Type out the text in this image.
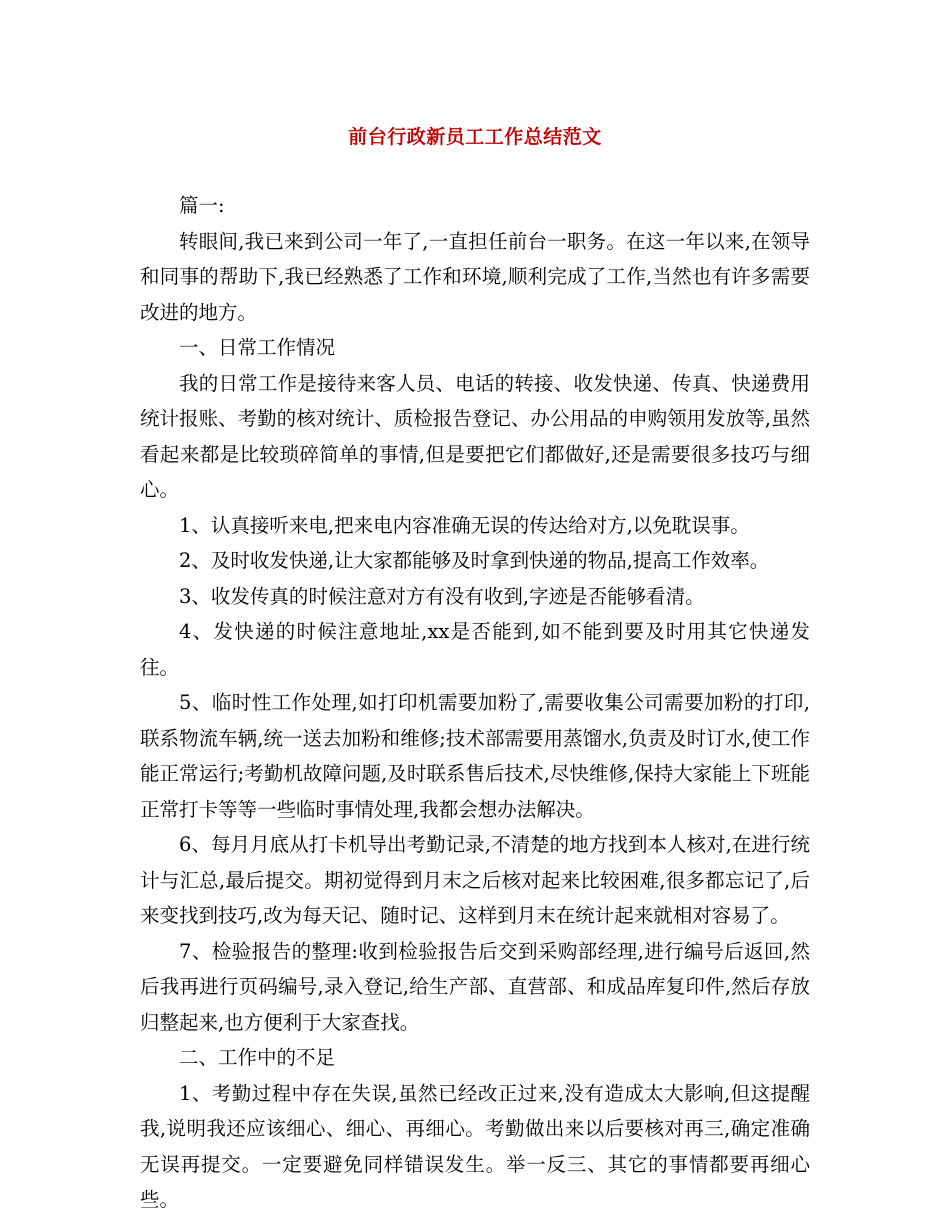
前台行政新员工工作总结范文

篇一:

转眼间,我已来到公司一年了,一直担任前台一职务。在这一年以来,在领导和同事的帮助下,我已经熟悉了工作和环境,顺利完成了工作,当然也有许多需要改进的地方。

一、日常工作情况

我的日常工作是接待来客人员、电话的转接、收发快递、传真、快递费用统计报账、考勤的核对统计、质检报告登记、办公用品的申购领用发放等,虽然看起来都是比较琐碎简单的事情,但是要把它们都做好,还是需要很多技巧与细心。

1、认真接听来电,把来电内容准确无误的传达给对方,以免耽误事。

2、及时收发快递,让大家都能够及时拿到快递的物品,提高工作效率。

3、收发传真的时候注意对方有没有收到,字迹是否能够看清。

4、发快递的时候注意地址,xx是否能到,如不能到要及时用其它快递发往。

5、临时性工作处理,如打印机需要加粉了,需要收集公司需要加粉的打印,联系物流车辆,统一送去加粉和维修;技术部需要用蒸馏水,负责及时订水,使工作能正常运行;考勤机故障问题,及时联系售后技术,尽快维修,保持大家能上下班能正常打卡等等一些临时事情处理,我都会想办法解决。

6、每月月底从打卡机导出考勤记录,不清楚的地方找到本人核对,在进行统计与汇总,最后提交。期初觉得到月末之后核对起来比较困难,很多都忘记了,后来变找到技巧,改为每天记、随时记、这样到月末在统计起来就相对容易了。

7、检验报告的整理:收到检验报告后交到采购部经理,进行编号后返回,然后我再进行页码编号,录入登记,给生产部、直营部、和成品库复印件,然后存放归整起来,也方便利于大家查找。

二、工作中的不足

1、考勤过程中存在失误,虽然已经改正过来,没有造成太大影响,但这提醒我,说明我还应该细心、细心、再细心。考勤做出来以后要核对再三,确定准确无误再提交。一定要避免同样错误发生。举一反三、其它的事情都要再细心些。
